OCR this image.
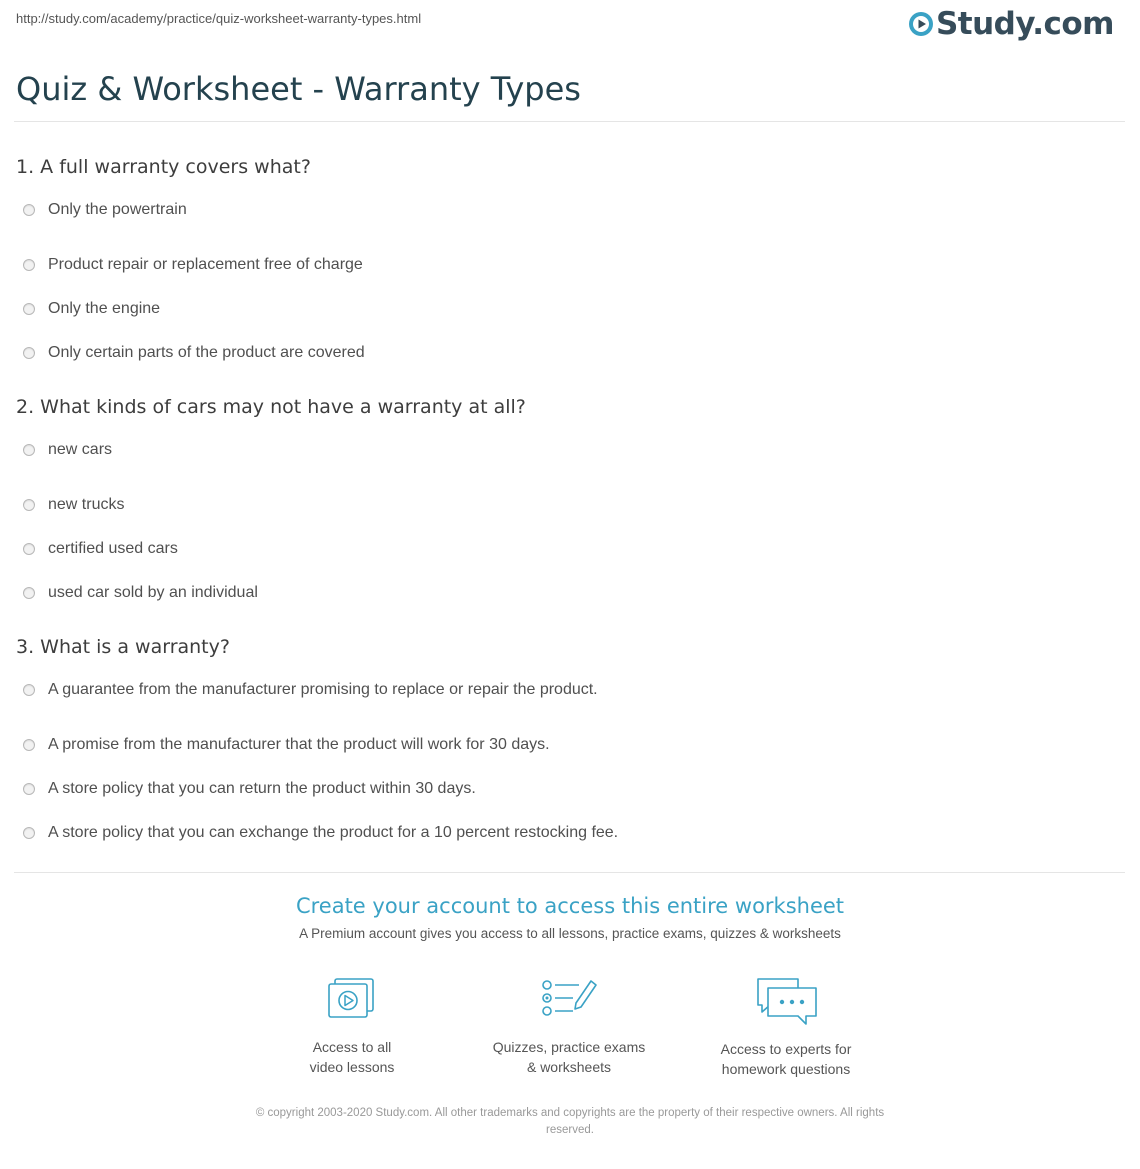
http://study.com/academy/practice/quiz-worksheet-warranty-types.html	Study.com
Quiz & Worksheet - Warranty Types
1. A full warranty covers what?
Only the powertrain
Product repair or replacement free of charge
Only the engine
Only certain parts of the product are covered
2. What kinds of cars may not have a warranty at all?
new cars
new trucks
certified used cars
used car sold by an individual
3. What is a warranty?
A guarantee from the manufacturer promising to replace or repair the product.
A promise from the manufacturer that the product will work for 30 days.
A store policy that you can return the product within 30 days.
A store policy that you can exchange the product for a 10 percent restocking fee.
Create your account to access this entire worksheet
A Premium account gives you access to all lessons, practice exams, quizzes & worksheets
Access to all
video lessons
Quizzes, practice exams
& worksheets
Access to experts for
homework questions
© copyright 2003-2020 Study.com. All other trademarks and copyrights are the property of their respective owners. All rights
reserved.
